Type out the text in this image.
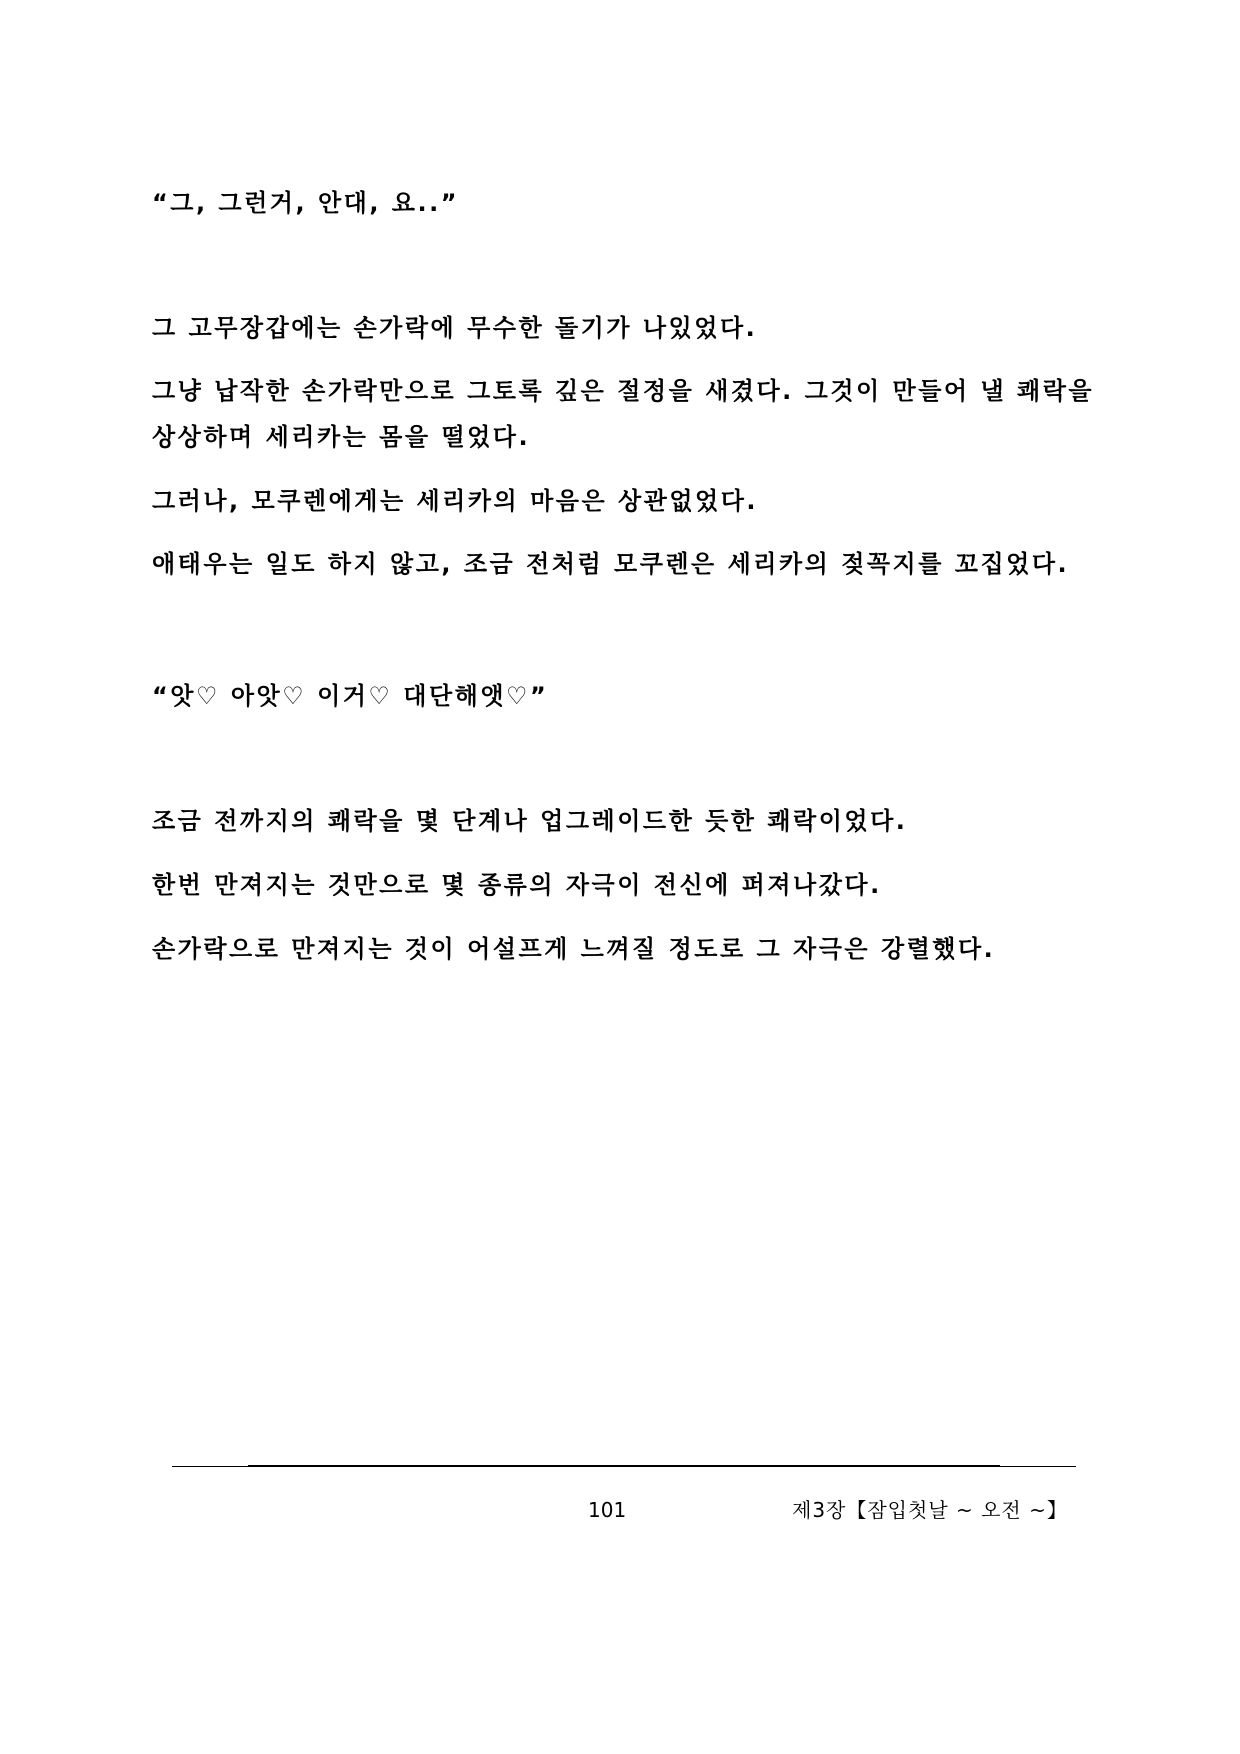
“그, 그런거, 안대, 요..”

그 고무장갑에는 손가락에 무수한 돌기가 나있었다.

그냥 납작한 손가락만으로 그토록 깊은 절정을 새겼다. 그것이 만들어 낼 쾌락을

상상하며 세리카는 몸을 떨었다.

그러나, 모쿠렌에게는 세리카의 마음은 상관없었다.

애태우는 일도 하지 않고, 조금 전처럼 모쿠렌은 세리카의 젖꼭지를 꼬집었다.

“앗♡ 아앗♡ 이거♡ 대단해앳♡”

조금 전까지의 쾌락을 몇 단계나 업그레이드한 듯한 쾌락이었다.

한번 만져지는 것만으로 몇 종류의 자극이 전신에 퍼져나갔다.

손가락으로 만져지는 것이 어설프게 느껴질 정도로 그 자극은 강렬했다.

101	제3장【잠입첫날 ~ 오전 ~】
